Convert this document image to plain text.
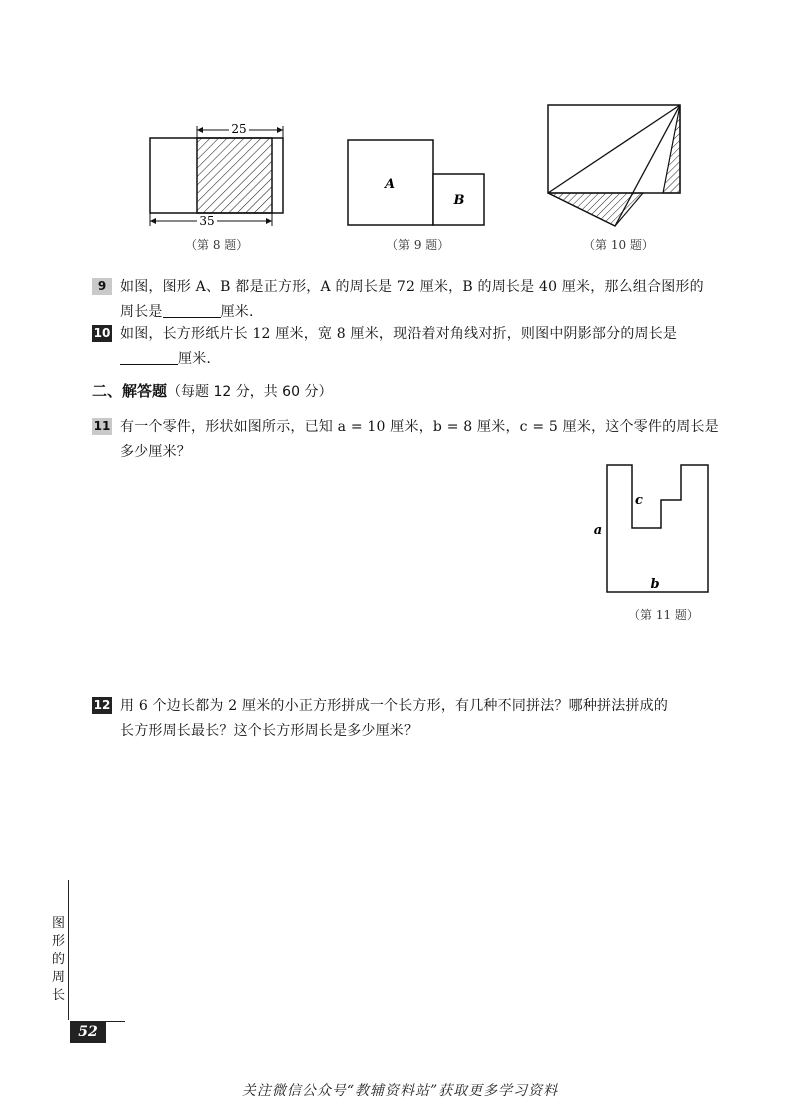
25
35
（第 8 题）
A
B
（第 9 题）	（第 10 题）
9 如图，图形 A、B 都是正方形，A 的周长是 72 厘米，B 的周长是 40 厘米，那么组合图形的
周长是	厘米.
10 如图，长方形纸片长 12 厘米，宽 8 厘米，现沿着对角线对折，则图中阴影部分的周长是
厘米.
二、解答题（每题 12 分，共 60 分）
11 有一个零件，形状如图所示，已知 a = 10 厘米，b = 8 厘米，c = 5 厘米，这个零件的周长是
多少厘米？
a
b
c
（第 11 题）
12 用 6 个边长都为 2 厘米的小正方形拼成一个长方形，有几种不同拼法？哪种拼法拼成的
长方形周长最长？这个长方形周长是多少厘米？
图形的周长
52
关注微信公众号“教辅资料站”获取更多学习资料
